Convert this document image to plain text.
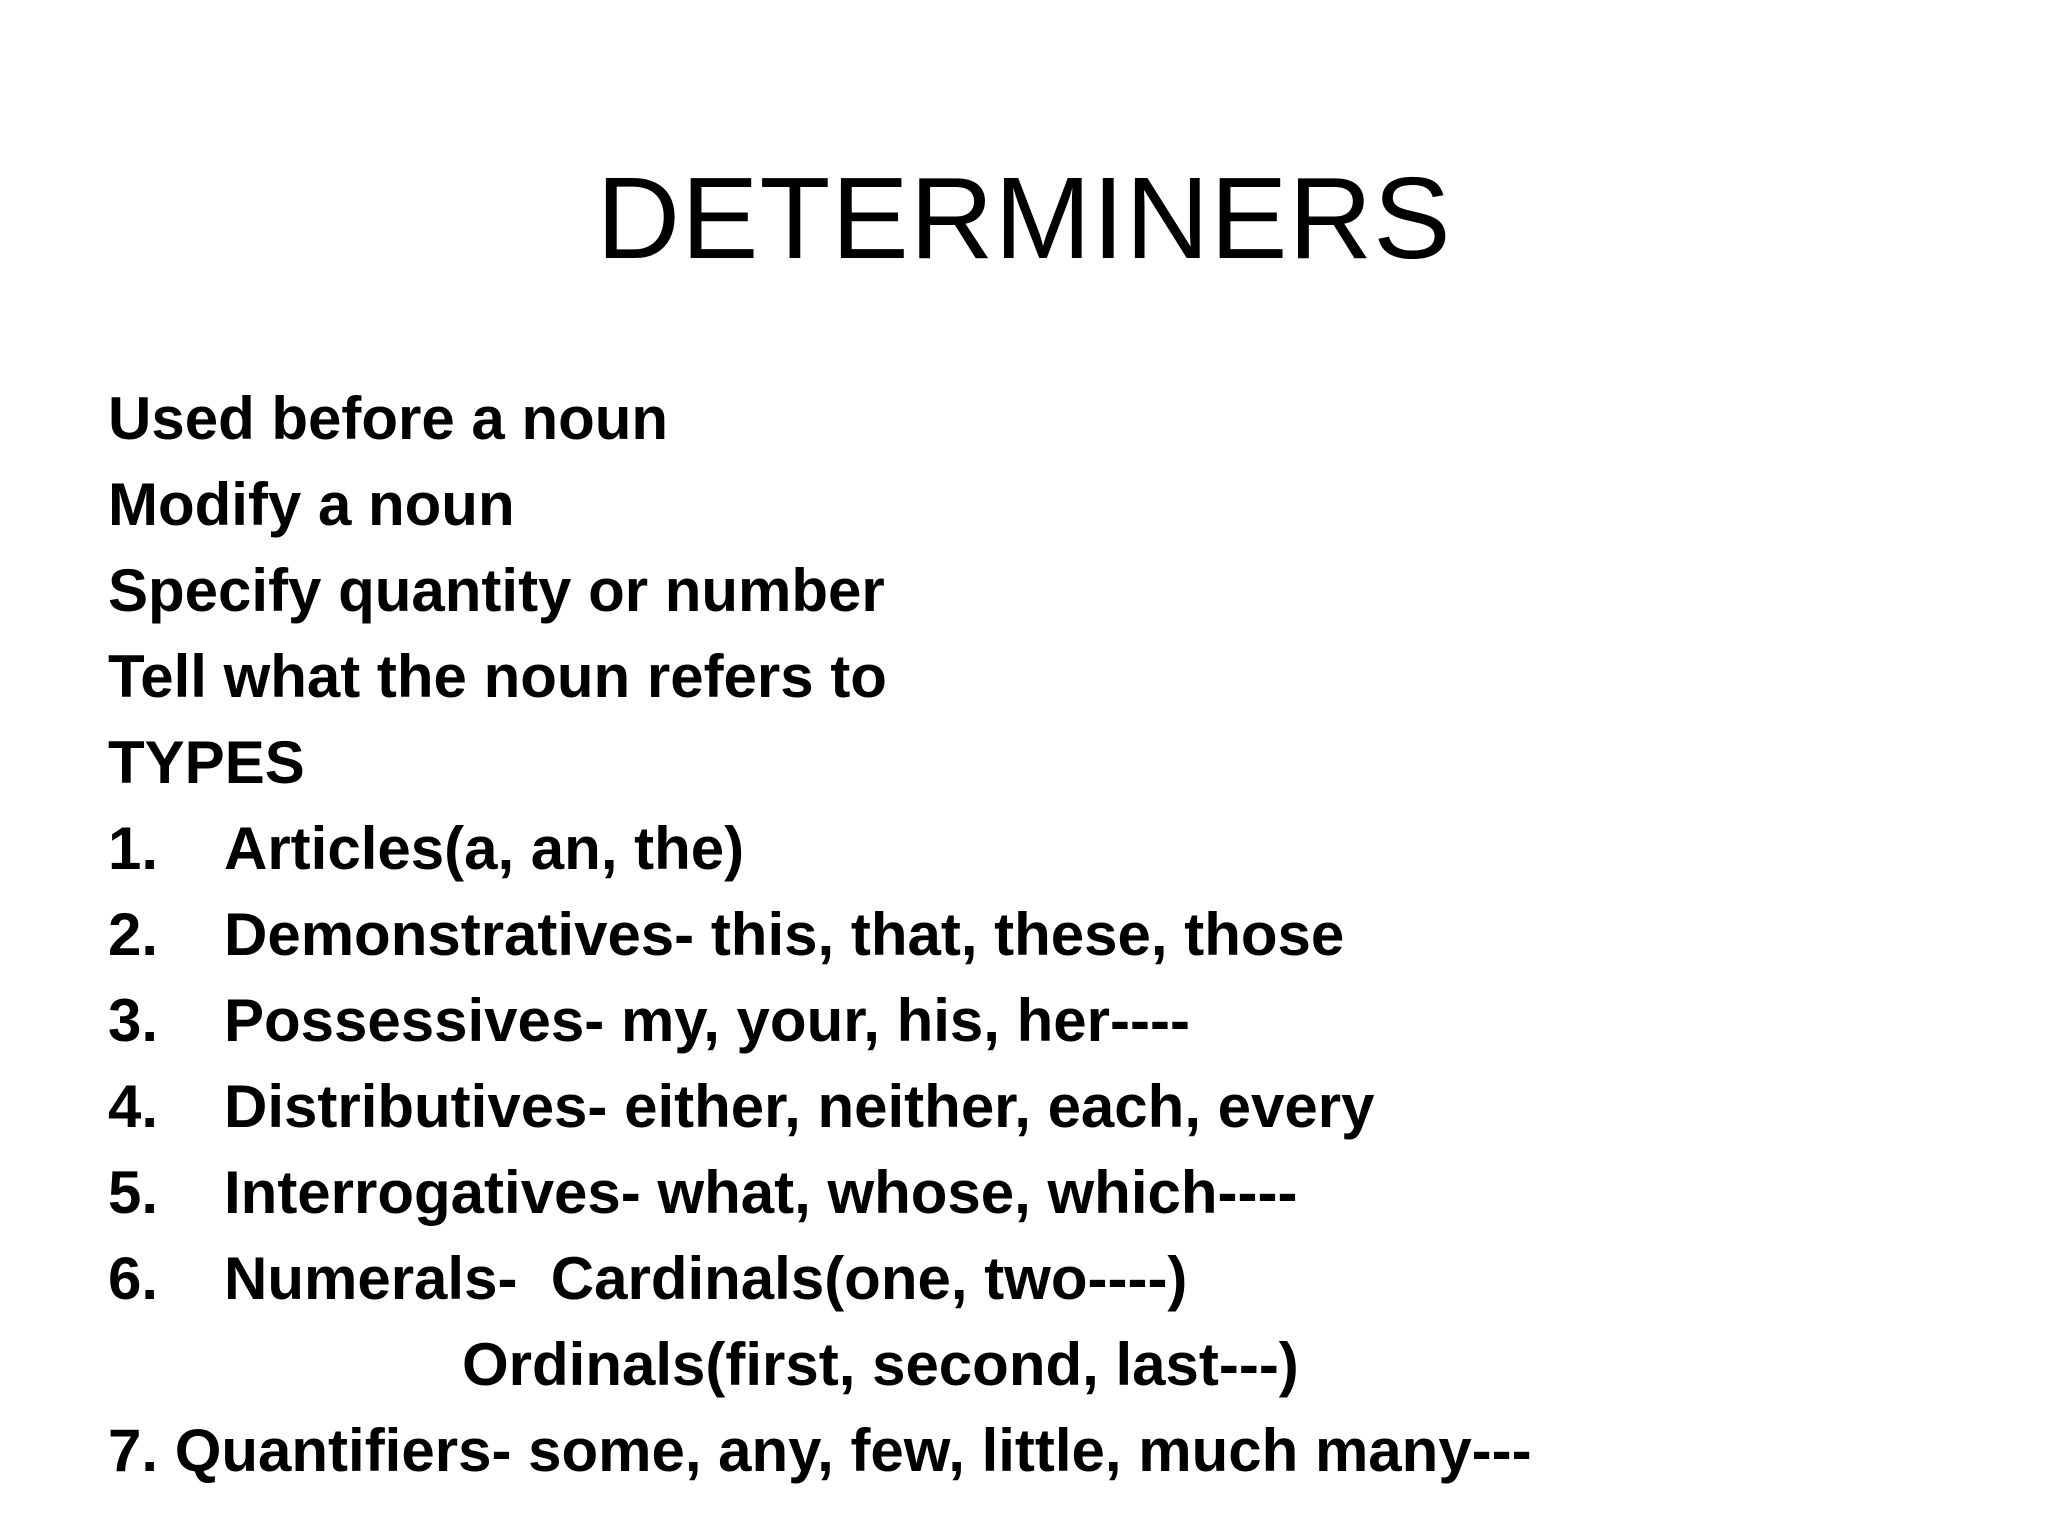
DETERMINERS
Used before a noun
Modify a noun
Specify quantity or number
Tell what the noun refers to
TYPES
1. Articles(a, an, the)
2. Demonstratives- this, that, these, those
3. Possessives- my, your, his, her----
4. Distributives- either, neither, each, every
5. Interrogatives- what, whose, which----
6. Numerals-  Cardinals(one, two----)
Ordinals(first, second, last---)
7. Quantifiers- some, any, few, little, much many---
